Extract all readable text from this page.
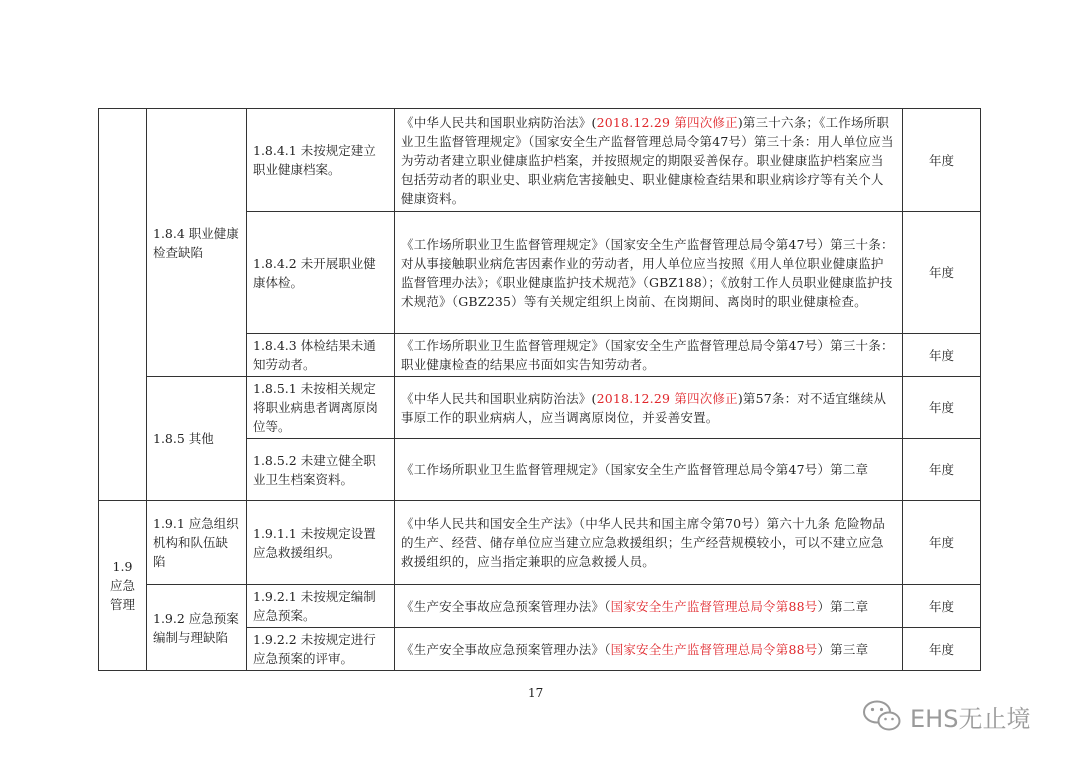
	1.8.4 职业健康检查缺陷	1.8.4.1 未按规定建立职业健康档案。	《中华人民共和国职业病防治法》(2018.12.29 第四次修正)第三十六条；《工作场所职业卫生监督管理规定》（国家安全生产监督管理总局令第47号）第三十条：用人单位应当为劳动者建立职业健康监护档案，并按照规定的期限妥善保存。职业健康监护档案应当包括劳动者的职业史、职业病危害接触史、职业健康检查结果和职业病诊疗等有关个人健康资料。	年度
		1.8.4.2 未开展职业健康体检。	《工作场所职业卫生监督管理规定》（国家安全生产监督管理总局令第47号）第三十条：对从事接触职业病危害因素作业的劳动者，用人单位应当按照《用人单位职业健康监护监督管理办法》；《职业健康监护技术规范》（GBZ188）；《放射工作人员职业健康监护技术规范》（GBZ235）等有关规定组织上岗前、在岗期间、离岗时的职业健康检查。	年度
		1.8.4.3 体检结果未通知劳动者。	《工作场所职业卫生监督管理规定》（国家安全生产监督管理总局令第47号）第三十条：职业健康检查的结果应书面如实告知劳动者。	年度
	1.8.5 其他	1.8.5.1 未按相关规定将职业病患者调离原岗位等。	《中华人民共和国职业病防治法》(2018.12.29 第四次修正)第57条：对不适宜继续从事原工作的职业病病人，应当调离原岗位，并妥善安置。	年度
		1.8.5.2 未建立健全职业卫生档案资料。	《工作场所职业卫生监督管理规定》（国家安全生产监督管理总局令第47号）第二章	年度
1.9 应急管理	1.9.1 应急组织机构和队伍缺陷	1.9.1.1 未按规定设置应急救援组织。	《中华人民共和国安全生产法》（中华人民共和国主席令第70号）第六十九条 危险物品的生产、经营、储存单位应当建立应急救援组织；生产经营规模较小，可以不建立应急救援组织的，应当指定兼职的应急救援人员。	年度
	1.9.2 应急预案编制与理缺陷	1.9.2.1 未按规定编制应急预案。	《生产安全事故应急预案管理办法》（国家安全生产监督管理总局令第88号）第二章	年度
		1.9.2.2 未按规定进行应急预案的评审。	《生产安全事故应急预案管理办法》（国家安全生产监督管理总局令第88号）第三章	年度
17
EHS无止境
